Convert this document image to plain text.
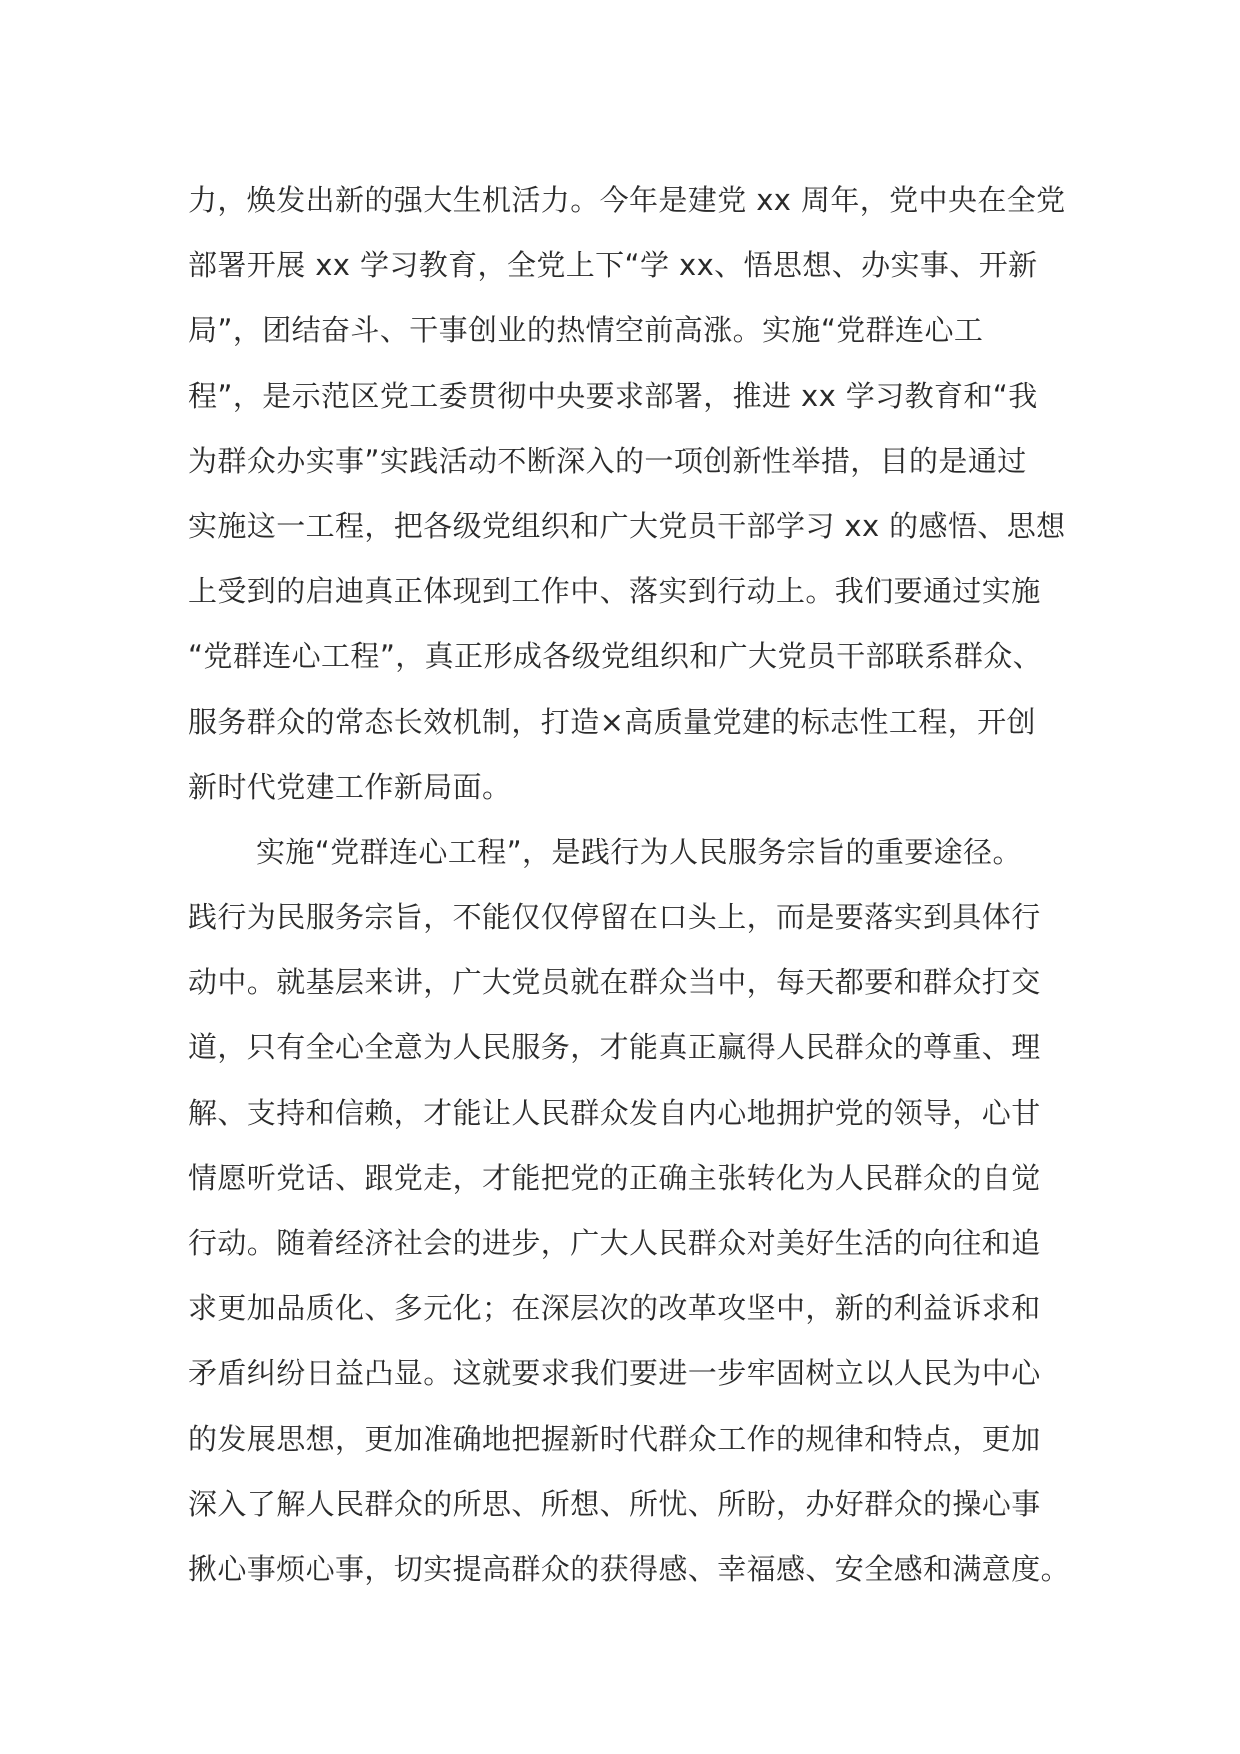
力，焕发出新的强大生机活力。今年是建党 xx 周年，党中央在全党
部署开展 xx 学习教育，全党上下“学 xx、悟思想、办实事、开新
局”，团结奋斗、干事创业的热情空前高涨。实施“党群连心工
程”，是示范区党工委贯彻中央要求部署，推进 xx 学习教育和“我
为群众办实事”实践活动不断深入的一项创新性举措，目的是通过
实施这一工程，把各级党组织和广大党员干部学习 xx 的感悟、思想
上受到的启迪真正体现到工作中、落实到行动上。我们要通过实施
“党群连心工程”，真正形成各级党组织和广大党员干部联系群众、
服务群众的常态长效机制，打造×高质量党建的标志性工程，开创
新时代党建工作新局面。
实施“党群连心工程”，是践行为人民服务宗旨的重要途径。
践行为民服务宗旨，不能仅仅停留在口头上，而是要落实到具体行
动中。就基层来讲，广大党员就在群众当中，每天都要和群众打交
道，只有全心全意为人民服务，才能真正赢得人民群众的尊重、理
解、支持和信赖，才能让人民群众发自内心地拥护党的领导，心甘
情愿听党话、跟党走，才能把党的正确主张转化为人民群众的自觉
行动。随着经济社会的进步，广大人民群众对美好生活的向往和追
求更加品质化、多元化；在深层次的改革攻坚中，新的利益诉求和
矛盾纠纷日益凸显。这就要求我们要进一步牢固树立以人民为中心
的发展思想，更加准确地把握新时代群众工作的规律和特点，更加
深入了解人民群众的所思、所想、所忧、所盼，办好群众的操心事
揪心事烦心事，切实提高群众的获得感、幸福感、安全感和满意度。
